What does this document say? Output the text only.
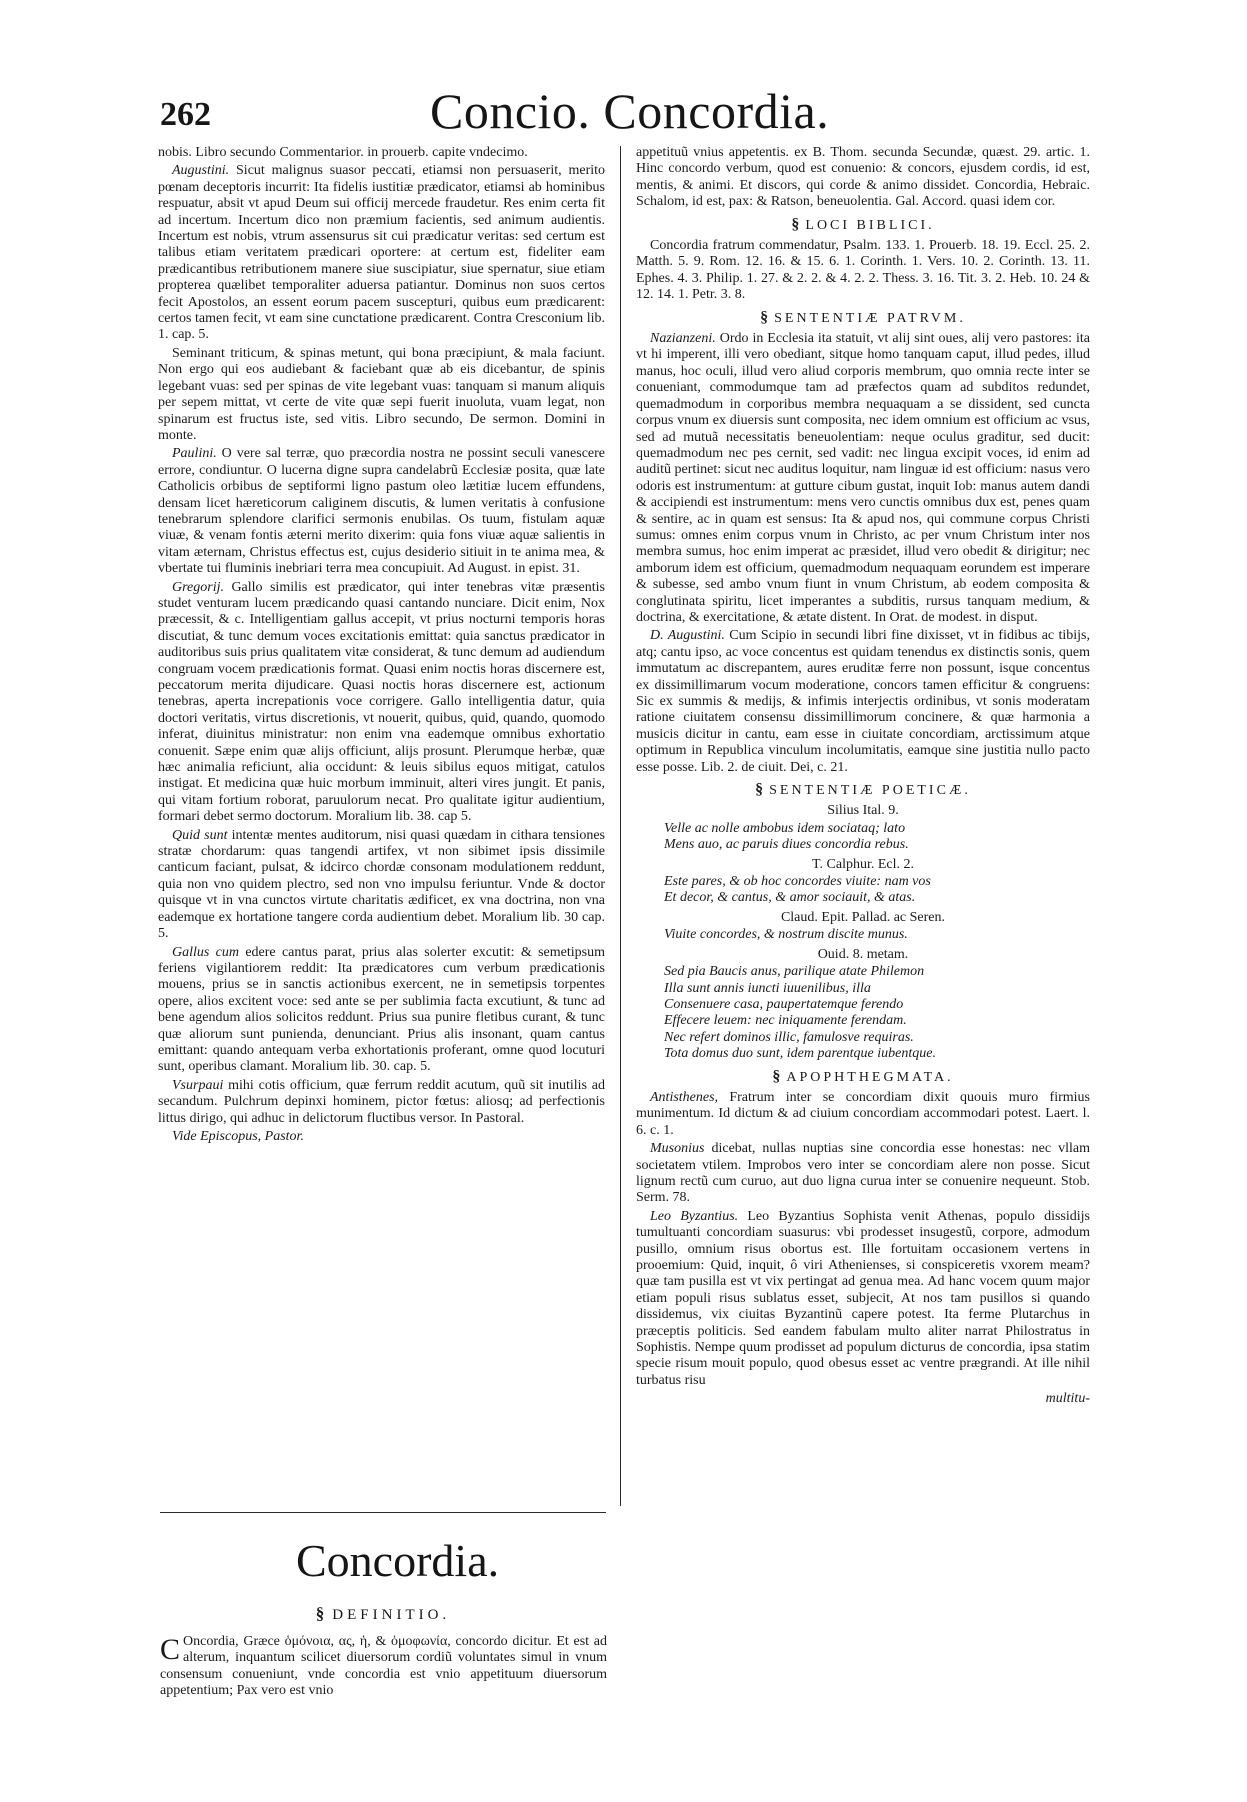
262	Concio. Concordia.

nobis. Libro secundo Commentarior. in prouerb. capite vndecimo.

Augustini. Sicut malignus suasor peccati, etiamsi non persuaserit, merito pœnam deceptoris incurrit: Ita fidelis iustitiæ prædicator, etiamsi ab hominibus respuatur, absit vt apud Deum sui officij mercede fraudetur. Res enim certa fit ad incertum. Incertum dico non præmium facientis, sed animum audientis. Incertum est nobis, vtrum assensurus sit cui prædicatur veritas: sed certum est talibus etiam veritatem prædicari oportere: at certum est, fideliter eam prædicantibus retributionem manere siue suscipiatur, siue spernatur, siue etiam propterea quælibet temporaliter aduersa patiantur. Dominus non suos certos fecit Apostolos, an essent eorum pacem suscepturi, quibus eum prædicarent: certos tamen fecit, vt eam sine cunctatione prædicarent. Contra Cresconium lib. 1. cap. 5.

Seminant triticum, & spinas metunt, qui bona præcipiunt, & mala faciunt. Non ergo qui eos audiebant & faciebant quæ ab eis dicebantur, de spinis legebant vuas: sed per spinas de vite legebant vuas: tanquam si manum aliquis per sepem mittat, vt certe de vite quæ sepi fuerit inuoluta, vuam legat, non spinarum est fructus iste, sed vitis. Libro secundo, De sermon. Domini in monte.

Paulini. O vere sal terræ, quo præcordia nostra ne possint seculi vanescere errore, condiuntur. O lucerna digne supra candelabrũ Ecclesiæ posita, quæ late Catholicis orbibus de septiformi ligno pastum oleo lætitiæ lucem effundens, densam licet hæreticorum caliginem discutis, & lumen veritatis à confusione tenebrarum splendore clarifici sermonis enubilas. Os tuum, fistulam aquæ viuæ, & venam fontis æterni merito dixerim: quia fons viuæ aquæ salientis in vitam æternam, Christus effectus est, cujus desiderio sitiuit in te anima mea, & vbertate tui fluminis inebriari terra mea concupiuit. Ad August. in epist. 31.

Gregorij. Gallo similis est prædicator, qui inter tenebras vitæ præsentis studet venturam lucem prædicando quasi cantando nunciare. Dicit enim, Nox præcessit, & c. Intelligentiam gallus accepit, vt prius nocturni temporis horas discutiat, & tunc demum voces excitationis emittat: quia sanctus prædicator in auditoribus suis prius qualitatem vitæ considerat, & tunc demum ad audiendum congruam vocem prædicationis format. Quasi enim noctis horas discernere est, peccatorum merita dijudicare. Quasi noctis horas discernere est, actionum tenebras, aperta increpationis voce corrigere. Gallo intelligentia datur, quia doctori veritatis, virtus discretionis, vt nouerit, quibus, quid, quando, quomodo inferat, diuinitus ministratur: non enim vna eademque omnibus exhortatio conuenit. Sæpe enim quæ alijs officiunt, alijs prosunt. Plerumque herbæ, quæ hæc animalia reficiunt, alia occidunt: & leuis sibilus equos mitigat, catulos instigat. Et medicina quæ huic morbum imminuit, alteri vires jungit. Et panis, qui vitam fortium roborat, paruulorum necat. Pro qualitate igitur audientium, formari debet sermo doctorum. Moralium lib. 38. cap 5.

Quid sunt intentæ mentes auditorum, nisi quasi quædam in cithara tensiones stratæ chordarum: quas tangendi artifex, vt non sibimet ipsis dissimile canticum faciant, pulsat, & idcirco chordæ consonam modulationem reddunt, quia non vno quidem plectro, sed non vno impulsu feriuntur. Vnde & doctor quisque vt in vna cunctos virtute charitatis ædificet, ex vna doctrina, non vna eademque ex hortatione tangere corda audientium debet. Moralium lib. 30 cap. 5.

Gallus cum edere cantus parat, prius alas solerter excutit: & semetipsum feriens vigilantiorem reddit: Ita prædicatores cum verbum prædicationis mouens, prius se in sanctis actionibus exercent, ne in semetipsis torpentes opere, alios excitent voce: sed ante se per sublimia facta excutiunt, & tunc ad bene agendum alios solicitos reddunt. Prius sua punire fletibus curant, & tunc quæ aliorum sunt punienda, denunciant. Prius alis insonant, quam cantus emittant: quando antequam verba exhortationis proferant, omne quod locuturi sunt, operibus clamant. Moralium lib. 30. cap. 5.

Vsurpaui mihi cotis officium, quæ ferrum reddit acutum, quũ sit inutilis ad secandum. Pulchrum depinxi hominem, pictor fœtus: aliosq; ad perfectionis littus dirigo, qui adhuc in delictorum fluctibus versor. In Pastoral.

Vide Episcopus, Pastor.

Concordia.
§ DEFINITIO.
C Oncordia, Græce ὁμόνοια, ας, ἡ, & ὁμοφωνία, concordo dicitur. Et est ad alterum, inquantum scilicet diuersorum cordiũ voluntates simul in vnum consensum conueniunt, vnde concordia est vnio appetituum diuersorum appetentium; Pax vero est vnio

appetituũ vnius appetentis. ex B. Thom. secunda Secundæ, quæst. 29. artic. 1. Hinc concordo verbum, quod est conuenio: & concors, ejusdem cordis, id est, mentis, & animi. Et discors, qui corde & animo dissidet. Concordia, Hebraic. Schalom, id est, pax: & Ratson, beneuolentia. Gal. Accord. quasi idem cor.

§ LOCI BIBLICI.

Concordia fratrum commendatur, Psalm. 133. 1. Prouerb. 18. 19. Eccl. 25. 2. Matth. 5. 9. Rom. 12. 16. & 15. 6. 1. Corinth. 1. Vers. 10. 2. Corinth. 13. 11. Ephes. 4. 3. Philip. 1. 27. & 2. 2. & 4. 2. 2. Thess. 3. 16. Tit. 3. 2. Heb. 10. 24 & 12. 14. 1. Petr. 3. 8.

§ SENTENTIÆ PATRVM.

Nazianzeni. Ordo in Ecclesia ita statuit, vt alij sint oues, alij vero pastores: ita vt hi imperent, illi vero obediant, sitque homo tanquam caput, illud pedes, illud manus, hoc oculi, illud vero aliud corporis membrum, quo omnia recte inter se conueniant, commodumque tam ad præfectos quam ad subditos redundet, quemadmodum in corporibus membra nequaquam a se dissident, sed cuncta corpus vnum ex diuersis sunt composita, nec idem omnium est officium ac vsus, sed ad mutuã necessitatis beneuolentiam: neque oculus graditur, sed ducit: quemadmodum nec pes cernit, sed vadit: nec lingua excipit voces, id enim ad auditũ pertinet: sicut nec auditus loquitur, nam linguæ id est officium: nasus vero odoris est instrumentum: at gutture cibum gustat, inquit Iob: manus autem dandi & accipiendi est instrumentum: mens vero cunctis omnibus dux est, penes quam & sentire, ac in quam est sensus: Ita & apud nos, qui commune corpus Christi sumus: omnes enim corpus vnum in Christo, ac per vnum Christum inter nos membra sumus, hoc enim imperat ac præsidet, illud vero obedit & dirigitur; nec amborum idem est officium, quemadmodum nequaquam eorundem est imperare & subesse, sed ambo vnum fiunt in vnum Christum, ab eodem composita & conglutinata spiritu, licet imperantes a subditis, rursus tanquam medium, & doctrina, & exercitatione, & ætate distent. In Orat. de modest. in disput.

D. Augustini. Cum Scipio in secundi libri fine dixisset, vt in fidibus ac tibijs, atq; cantu ipso, ac voce concentus est quidam tenendus ex distinctis sonis, quem immutatum ac discrepantem, aures eruditæ ferre non possunt, isque concentus ex dissimillimarum vocum moderatione, concors tamen efficitur & congruens: Sic ex summis & medijs, & infimis interjectis ordinibus, vt sonis moderatam ratione ciuitatem consensu dissimillimorum concinere, & quæ harmonia a musicis dicitur in cantu, eam esse in ciuitate concordiam, arctissimum atque optimum in Republica vinculum incolumitatis, eamque sine justitia nullo pacto esse posse. Lib. 2. de ciuit. Dei, c. 21.

§ SENTENTIÆ POETICÆ.
Silius Ital. 9.
Velle ac nolle ambobus idem sociataq; lato
Mens auo, ac paruis diues concordia rebus.
T. Calphur. Ecl. 2.
Este pares, & ob hoc concordes viuite: nam vos
Et decor, & cantus, & amor sociauit, & atas.
Claud. Epit. Pallad. ac Seren.
Viuite concordes, & nostrum discite munus.
Ouid. 8. metam.
Sed pia Baucis anus, parilique atate Philemon
Illa sunt annis iuncti iuuenilibus, illa
Consenuere casa, paupertatemque ferendo
Effecere leuem: nec iniquamente ferendam.
Nec refert dominos illic, famulosve requiras.
Tota domus duo sunt, idem parentque iubentque.
§ APOPHTHEGMATA.

Antisthenes, Fratrum inter se concordiam dixit quouis muro firmius munimentum. Id dictum & ad ciuium concordiam accommodari potest. Laert. l. 6. c. 1.

Musonius dicebat, nullas nuptias sine concordia esse honestas: nec vllam societatem vtilem. Improbos vero inter se concordiam alere non posse. Sicut lignum rectũ cum curuo, aut duo ligna curua inter se conuenire nequeunt. Stob. Serm. 78.

Leo Byzantius. Leo Byzantius Sophista venit Athenas, populo dissidijs tumultuanti concordiam suasurus: vbi prodesset insugestũ, corpore, admodum pusillo, omnium risus obortus est. Ille fortuitam occasionem vertens in prooemium: Quid, inquit, ô viri Athenienses, si conspiceretis vxorem meam? quæ tam pusilla est vt vix pertingat ad genua mea. Ad hanc vocem quum major etiam populi risus sublatus esset, subjecit, At nos tam pusillos si quando dissidemus, vix ciuitas Byzantinũ capere potest. Ita ferme Plutarchus in præceptis politicis. Sed eandem fabulam multo aliter narrat Philostratus in Sophistis. Nempe quum prodisset ad populum dicturus de concordia, ipsa statim specie risum mouit populo, quod obesus esset ac ventre prægrandi. At ille nihil turbatus risu

multitu-
